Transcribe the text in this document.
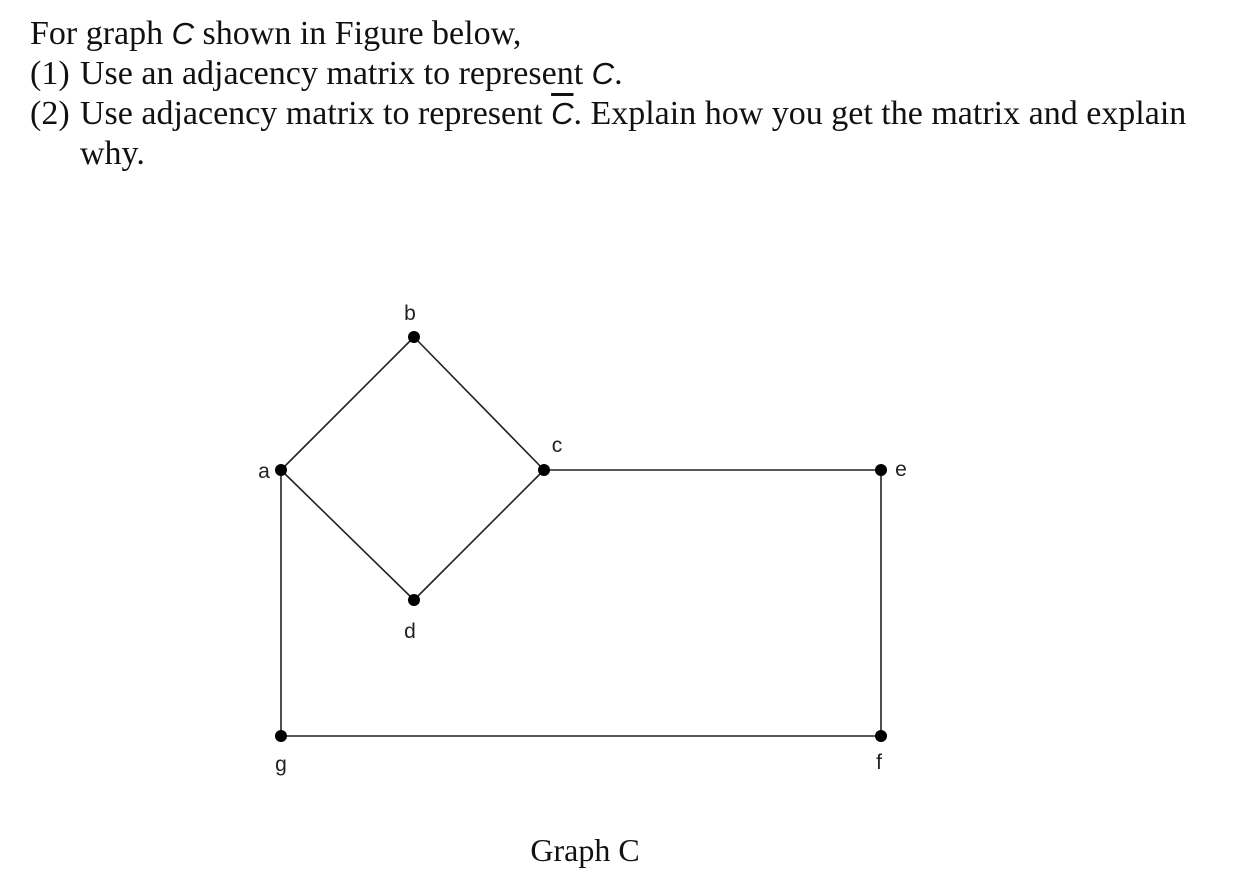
For graph C shown in Figure below,

(1) Use an adjacency matrix to represent C.

(2) Use adjacency matrix to represent $\overline{C}$. Explain how you get the matrix and explain why.

a
b
c
d
e
f
g
Graph C
